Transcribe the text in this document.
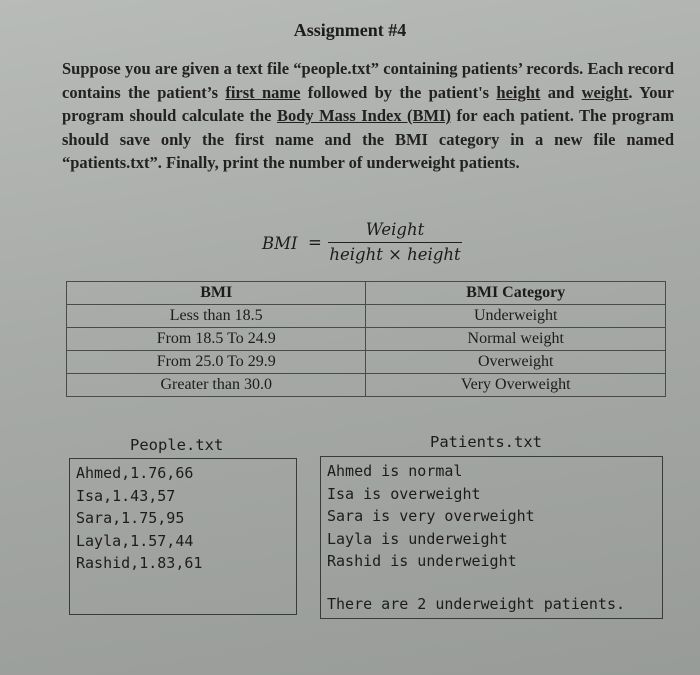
Assignment #4
Suppose you are given a text file “people.txt” containing patients’ records. Each record contains the patient’s first name followed by the patient's height and weight. Your program should calculate the Body Mass Index (BMI) for each patient. The program should save only the first name and the BMI category in a new file named “patients.txt”. Finally, print the number of underweight patients.
BMI =
Weight
height × height
BMI	BMI Category
Less than 18.5	Underweight
From 18.5 To 24.9	Normal weight
From 25.0 To 29.9	Overweight
Greater than 30.0	Very Overweight
People.txt
Ahmed,1.76,66
Isa,1.43,57
Sara,1.75,95
Layla,1.57,44
Rashid,1.83,61
Patients.txt
Ahmed is normal
Isa is overweight
Sara is very overweight
Layla is underweight
Rashid is underweight
There are 2 underweight patients.
